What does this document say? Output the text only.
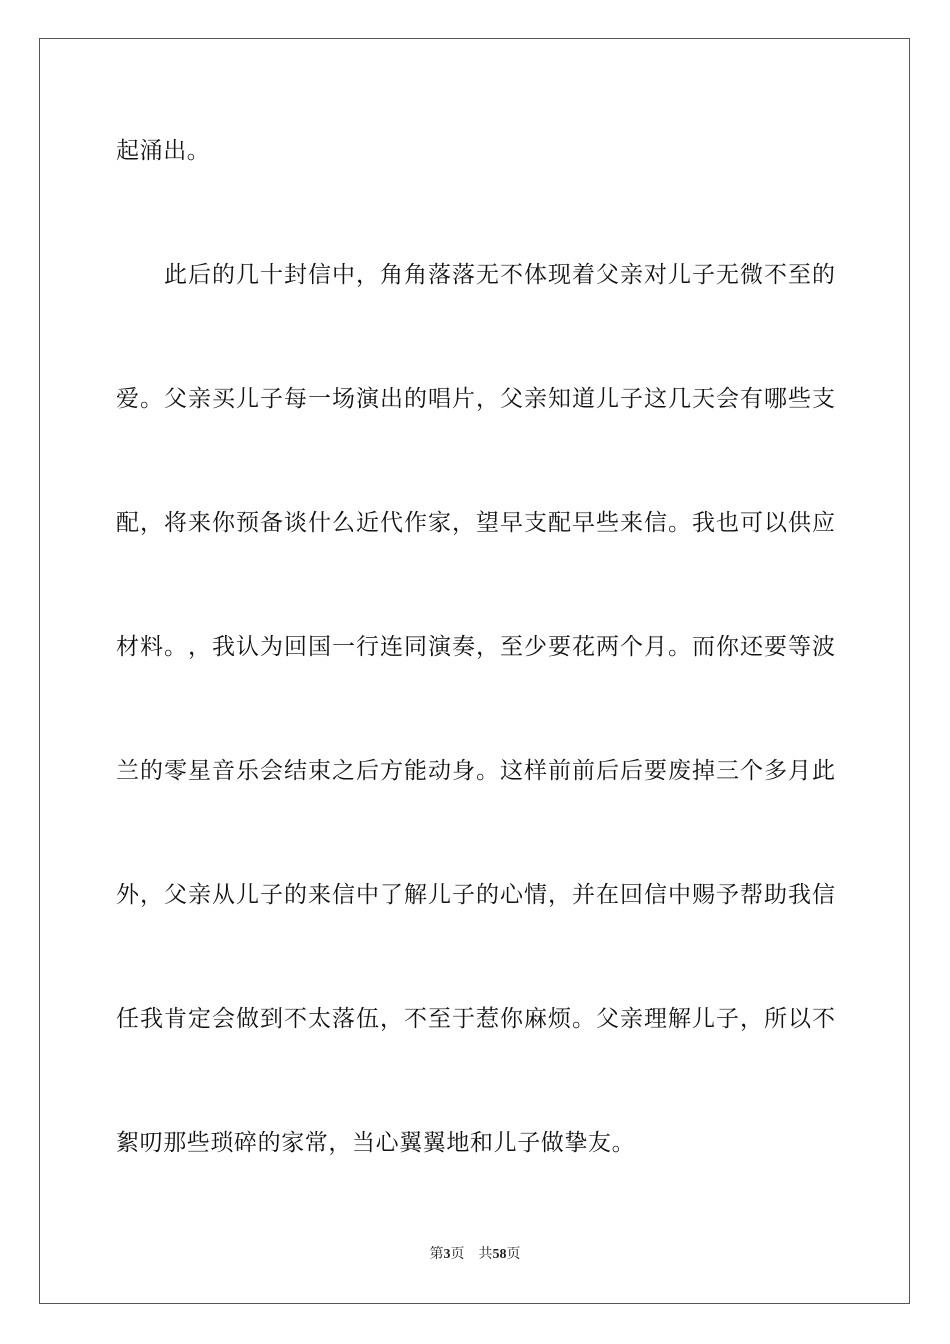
起涌出。
此 后 的 几 十 封 信 中 ， 角 角 落 落 无 不 体 现 着 父 亲 对 儿 子 无 微 不 至 的
爱 。 父 亲 买 儿 子 每 一 场 演 出 的 唱 片 ， 父 亲 知 道 儿 子 这 几 天 会 有 哪 些 支
配 ， 将 来 你 预 备 谈 什 么 近 代 作 家 ， 望 早 支 配 早 些 来 信 。 我 也 可 以 供 应
材 料 。 ， 我 认 为 回 国 一 行 连 同 演 奏 ， 至 少 要 花 两 个 月 。 而 你 还 要 等 波
兰 的 零 星 音 乐 会 结 束 之 后 方 能 动 身 。 这 样 前 前 后 后 要 废 掉 三 个 多 月 此
外 ， 父 亲 从 儿 子 的 来 信 中 了 解 儿 子 的 心 情 ， 并 在 回 信 中 赐 予 帮 助 我 信
任 我 肯 定 会 做 到 不 太 落 伍 ， 不 至 于 惹 你 麻 烦 。 父 亲 理 解 儿 子 ， 所 以 不
絮叨那些琐碎的家常，当心翼翼地和儿子做挚友。
第3页 共58页
